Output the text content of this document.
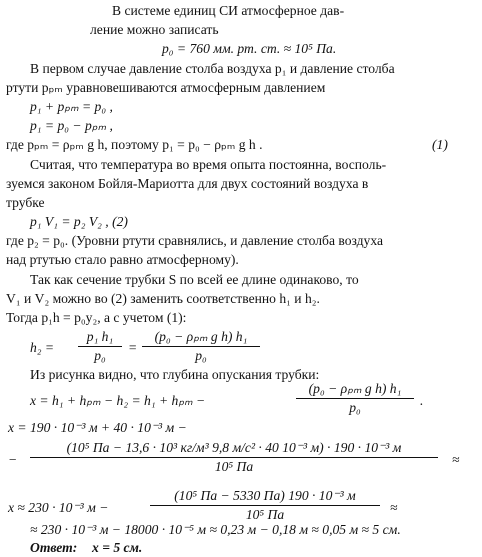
В системе единиц СИ атмосферное дав-
ление можно записать
p₀ = 760 мм. рт. ст. ≈ 10⁵ Па.
В первом случае давление столба воздуха p₁ и давление столба
ртути pₚₘ уравновешиваются атмосферным давлением
p₁ + pₚₘ = p₀ ,
p₁ = p₀ − pₚₘ ,
где pₚₘ = ρₚₘ g h, поэтому p₁ = p₀ − ρₚₘ g h .	(1)
Считая, что температура во время опыта постоянна, восполь-
зуемся законом Бойля-Мариотта для двух состояний воздуха в
трубке
p₁ V₁ = p₂ V₂ , (2)
где p₂ = p₀. (Уровни ртути сравнялись, и давление столба воздуха
над ртутью стало равно атмосферному).
Так как сечение трубки S по всей ее длине одинаково, то
V₁ и V₂ можно во (2) заменить соответственно h₁ и h₂.
Тогда p₁h = p₀y₂, а с учетом (1):
h₂ =
p₁ h₁
p₀
=
(p₀ − ρₚₘ g h) h₁
p₀
Из рисунка видно, что глубина опускания трубки:
x = h₁ + hₚₘ − h₂ = h₁ + hₚₘ −
(p₀ − ρₚₘ g h) h₁
p₀	.
x = 190 · 10⁻³ м + 40 · 10⁻³ м −
−
(10⁵ Па − 13,6 · 10³ кг/м³ 9,8 м/с² · 40 10⁻³ м) · 190 · 10⁻³ м
10⁵ Па	≈
x ≈ 230 · 10⁻³ м −
(10⁵ Па − 5330 Па) 190 · 10⁻³ м
10⁵ Па	≈
≈ 230 · 10⁻³ м − 18000 · 10⁻⁵ м ≈ 0,23 м − 0,18 м ≈ 0,05 м ≈ 5 см.
Ответ: x = 5 см.
